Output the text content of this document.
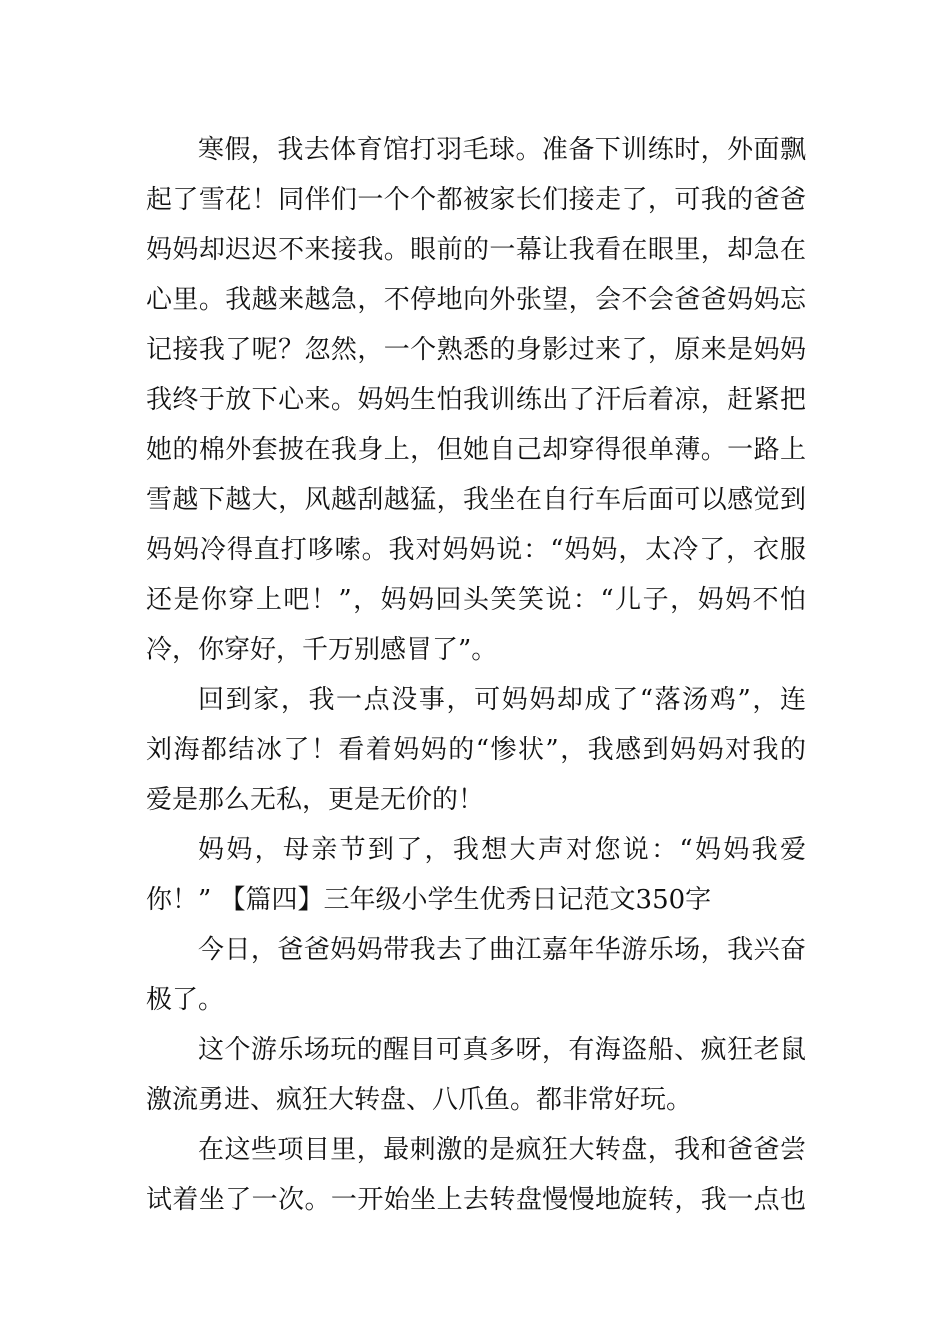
寒假，我去体育馆打羽毛球。准备下训练时，外面飘
起了雪花！同伴们一个个都被家长们接走了，可我的爸爸
妈妈却迟迟不来接我。眼前的一幕让我看在眼里，却急在
心里。我越来越急，不停地向外张望，会不会爸爸妈妈忘
记接我了呢？忽然，一个熟悉的身影过来了，原来是妈妈
我终于放下心来。妈妈生怕我训练出了汗后着凉，赶紧把
她的棉外套披在我身上，但她自己却穿得很单薄。一路上
雪越下越大，风越刮越猛，我坐在自行车后面可以感觉到
妈妈冷得直打哆嗦。我对妈妈说：“妈妈，太冷了，衣服
还是你穿上吧！”，妈妈回头笑笑说：“儿子，妈妈不怕
冷，你穿好，千万别感冒了”。
回到家，我一点没事，可妈妈却成了“落汤鸡”，连
刘海都结冰了！看着妈妈的“惨状”，我感到妈妈对我的
爱是那么无私，更是无价的！
妈妈，母亲节到了，我想大声对您说：“妈妈我爱
你！” 【篇四】三年级小学生优秀日记范文350字
今日，爸爸妈妈带我去了曲江嘉年华游乐场，我兴奋
极了。
这个游乐场玩的醒目可真多呀，有海盗船、疯狂老鼠
激流勇进、疯狂大转盘、八爪鱼。都非常好玩。
在这些项目里，最刺激的是疯狂大转盘，我和爸爸尝
试着坐了一次。一开始坐上去转盘慢慢地旋转，我一点也
